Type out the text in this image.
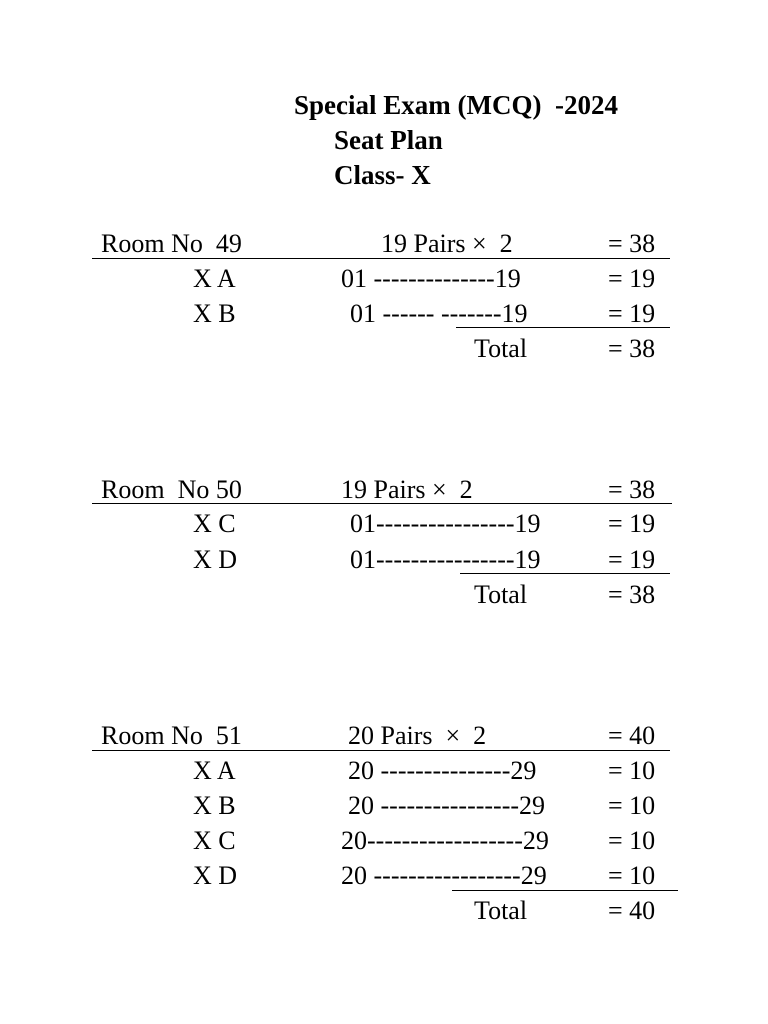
Special Exam (MCQ)  -2024
Seat Plan
Class- X
Room No  49	19 Pairs ×  2	= 38
X A	01 --------------19	= 19
X B	01 ------ -------19	= 19
Total	= 38
Room  No 50	19 Pairs ×  2	= 38
X C	01----------------19	= 19
X D	01----------------19	= 19
Total	= 38
Room No  51	20 Pairs  ×  2	= 40
X A	20 ---------------29	= 10
X B	20 ----------------29 = 10
X C	20------------------29 = 10
X D	20 -----------------29 = 10
Total	= 40
